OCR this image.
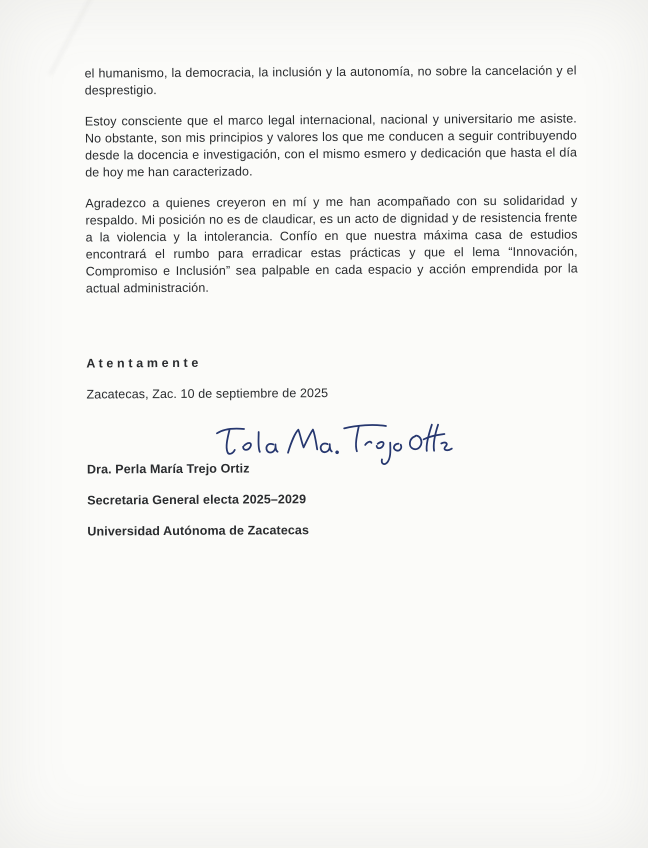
el humanismo, la democracia, la inclusión y la autonomía, no sobre la cancelación y el desprestigio.

Estoy consciente que el marco legal internacional, nacional y universitario me asiste. No obstante, son mis principios y valores los que me conducen a seguir contribuyendo desde la docencia e investigación, con el mismo esmero y dedicación que hasta el día de hoy me han caracterizado.

Agradezco a quienes creyeron en mí y me han acompañado con su solidaridad y respaldo. Mi posición no es de claudicar, es un acto de dignidad y de resistencia frente a la violencia y la intolerancia. Confío en que nuestra máxima casa de estudios encontrará el rumbo para erradicar estas prácticas y que el lema “Innovación, Compromiso e Inclusión” sea palpable en cada espacio y acción emprendida por la actual administración.

A t e n t a m e n t e

Zacatecas, Zac. 10 de septiembre de 2025

Dra. Perla María Trejo Ortiz

Secretaria General electa 2025–2029

Universidad Autónoma de Zacatecas
